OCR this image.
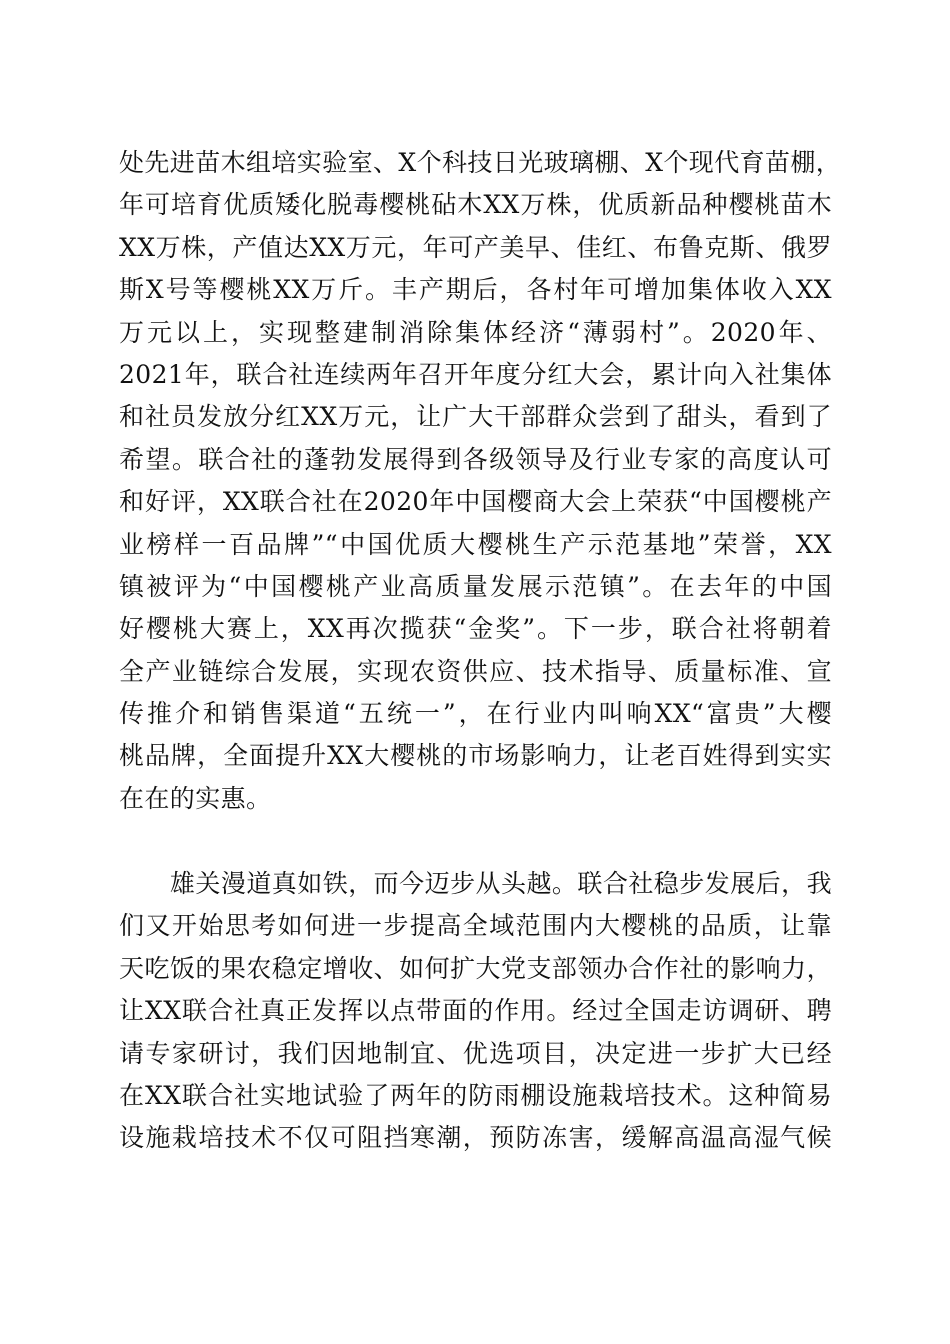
处先进苗木组培实验室、X个科技日光玻璃棚、X个现代育苗棚，
年可培育优质矮化脱毒樱桃砧木XX万株，优质新品种樱桃苗木
XX万株，产值达XX万元，年可产美早、佳红、布鲁克斯、俄罗
斯X号等樱桃XX万斤。丰产期后，各村年可增加集体收入XX
万元以上，实现整建制消除集体经济“薄弱村”。2020年、
2021年，联合社连续两年召开年度分红大会，累计向入社集体
和社员发放分红XX万元，让广大干部群众尝到了甜头，看到了
希望。联合社的蓬勃发展得到各级领导及行业专家的高度认可
和好评，XX联合社在2020年中国樱商大会上荣获“中国樱桃产
业榜样一百品牌”“中国优质大樱桃生产示范基地”荣誉，XX
镇被评为“中国樱桃产业高质量发展示范镇”。在去年的中国
好樱桃大赛上，XX再次揽获“金奖”。下一步，联合社将朝着
全产业链综合发展，实现农资供应、技术指导、质量标准、宣
传推介和销售渠道“五统一”，在行业内叫响XX“富贵”大樱
桃品牌，全面提升XX大樱桃的市场影响力，让老百姓得到实实
在在的实惠。
　　雄关漫道真如铁，而今迈步从头越。联合社稳步发展后，我
们又开始思考如何进一步提高全域范围内大樱桃的品质，让靠
天吃饭的果农稳定增收、如何扩大党支部领办合作社的影响力，
让XX联合社真正发挥以点带面的作用。经过全国走访调研、聘
请专家研讨，我们因地制宜、优选项目，决定进一步扩大已经
在XX联合社实地试验了两年的防雨棚设施栽培技术。这种简易
设施栽培技术不仅可阻挡寒潮，预防冻害，缓解高温高湿气候
